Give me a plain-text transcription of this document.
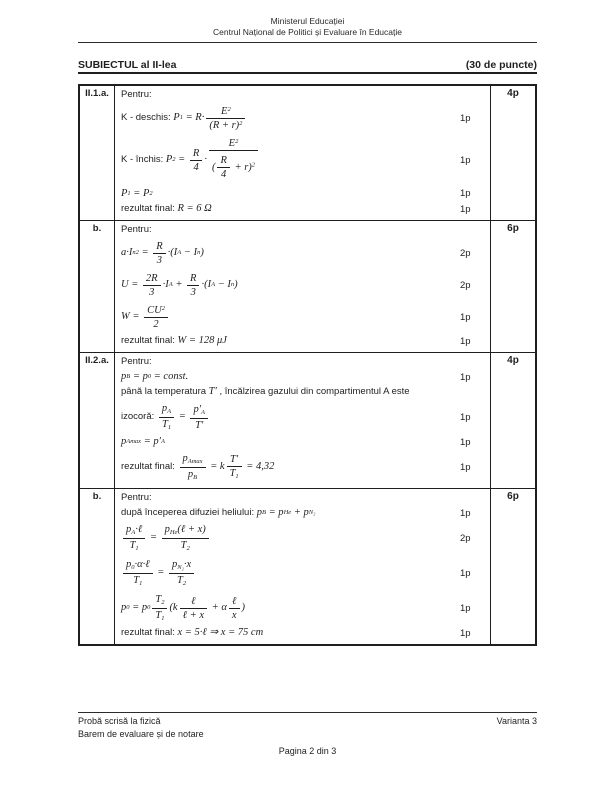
Ministerul Educației
Centrul Național de Politici și Evaluare în Educație
SUBIECTUL al II-lea	(30 de puncte)
II.1.a.	Pentru:
K - deschis: P $1 = R\cdot \frac{E^2}{(R + r)^2}$	1p
K - închis: P $2 = \frac{R}{4} \cdot \frac{E^2}{( \frac{R}{4} + r)^2}$	1p
P 1 = P 2	1p
rezultat final: R = 6 Ω	1p
4p
b.	Pentru:
a·I n $2 = \frac{R}{3} \cdot(I$ A − I n )	2p
$U = \frac{2R}{3} \cdot I$ $A + \frac{R}{3} \cdot(I$ A − I n )	2p
$W = \frac{CU^2}{2}$	1p
rezultat final: W = 128 μJ	1p
6p
II.2.a.	Pentru:
p B = p 0 = const.	1p
până la temperatura T′ , încălzirea gazului din compartimentul A este
izocoră: $\frac{p_A}{T_1} = \frac{p'_A}{T'}$	1p
p Amax = p′ A	1p
rezultat final: $\frac{p_{Amax}}{p_B} = k \frac{T'}{T_1} = 4,32$	1p
4p
b.	Pentru:
după începerea difuziei heliului: p B = p He + p N₂	1p
$\frac{p_A\cdot\ell}{T_1} = \frac{p_{He}(\ell + x)}{T_2}$	2p
$\frac{p_0\cdot\alpha\cdot\ell}{T_1} = \frac{p_{N_2}\cdot x}{T_2}$	1p
p 0 = p $0 \frac{T_2}{T_1} (k \frac{\text{ℓ}}{\text{ℓ + x}} + \alpha \frac{\text{ℓ}}{x}$ )	1p
rezultat final: x = 5·ℓ ⇒ x = 75 cm	1p
6p
Probă scrisă la fizică	Varianta 3
Barem de evaluare și de notare
Pagina 2 din 3
